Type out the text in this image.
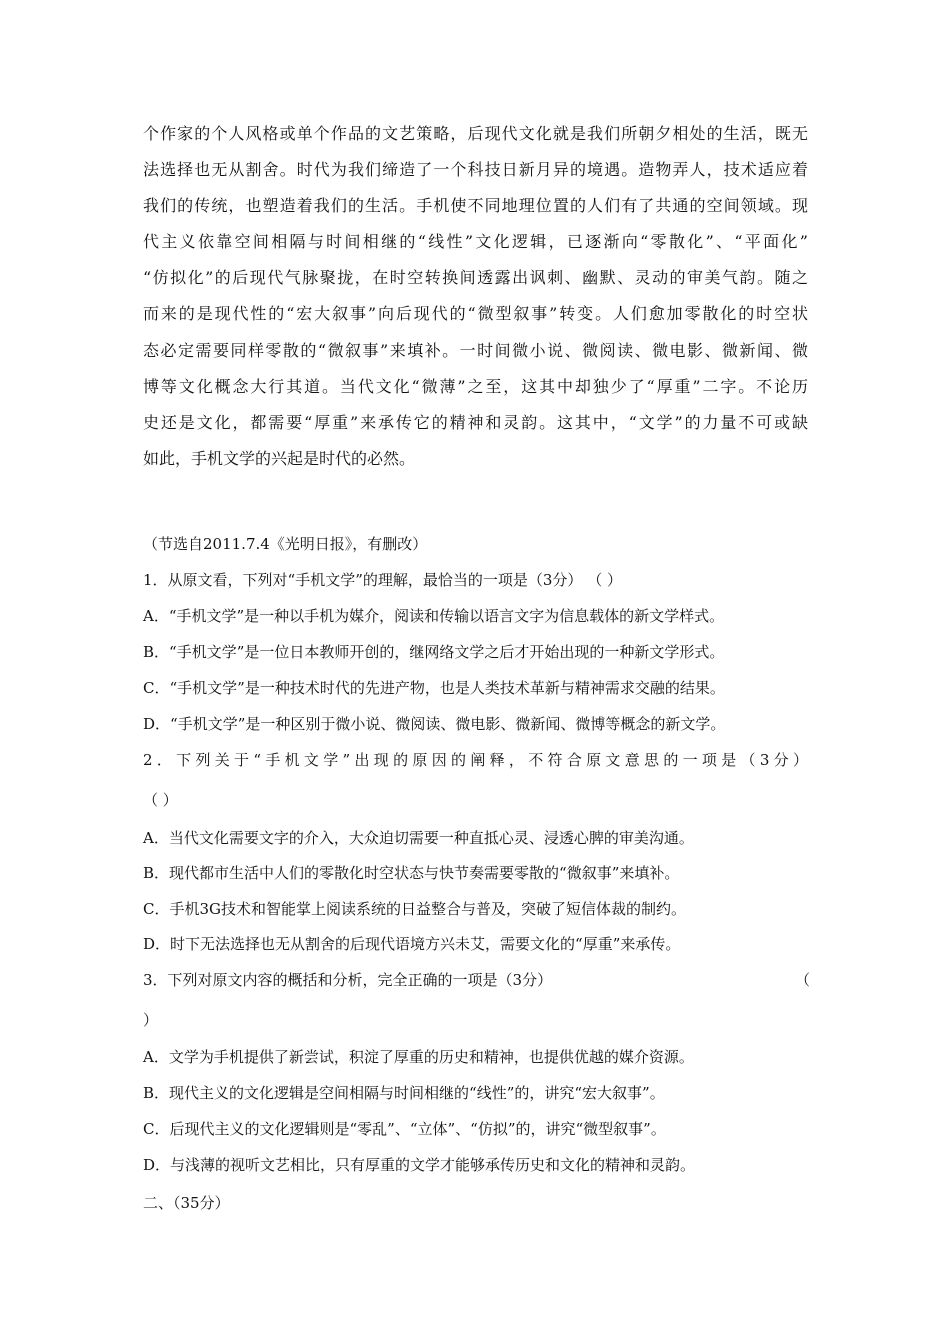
个作家的个人风格或单个作品的文艺策略，后现代文化就是我们所朝夕相处的生活，既无
法选择也无从割舍。时代为我们缔造了一个科技日新月异的境遇。造物弄人，技术适应着
我们的传统，也塑造着我们的生活。手机使不同地理位置的人们有了共通的空间领域。现
代主义依靠空间相隔与时间相继的“线性”文化逻辑，已逐渐向“零散化”、“平面化”
“仿拟化”的后现代气脉聚拢，在时空转换间透露出讽刺、幽默、灵动的审美气韵。随之
而来的是现代性的“宏大叙事”向后现代的“微型叙事”转变。人们愈加零散化的时空状
态必定需要同样零散的“微叙事”来填补。一时间微小说、微阅读、微电影、微新闻、微
博等文化概念大行其道。当代文化“微薄”之至，这其中却独少了“厚重”二字。不论历
史还是文化，都需要“厚重”来承传它的精神和灵韵。这其中，“文学”的力量不可或缺
如此，手机文学的兴起是时代的必然。
（节选自2011.7.4《光明日报》，有删改）
1．从原文看，下列对“手机文学”的理解，最恰当的一项是（3分） （ ）
A．“手机文学”是一种以手机为媒介，阅读和传输以语言文字为信息载体的新文学样式。
B．“手机文学”是一位日本教师开创的，继网络文学之后才开始出现的一种新文学形式。
C．“手机文学”是一种技术时代的先进产物，也是人类技术革新与精神需求交融的结果。
D．“手机文学”是一种区别于微小说、微阅读、微电影、微新闻、微博等概念的新文学。
2．下列关于“手机文学”出现的原因的阐释，不符合原文意思的一项是（3分）
（ ）
A．当代文化需要文字的介入，大众迫切需要一种直抵心灵、浸透心脾的审美沟通。
B．现代都市生活中人们的零散化时空状态与快节奏需要零散的“微叙事”来填补。
C．手机3G技术和智能掌上阅读系统的日益整合与普及，突破了短信体裁的制约。
D．时下无法选择也无从割舍的后现代语境方兴未艾，需要文化的“厚重”来承传。
3．下列对原文内容的概括和分析，完全正确的一项是（3分）	（
）
A．文学为手机提供了新尝试，积淀了厚重的历史和精神，也提供优越的媒介资源。
B．现代主义的文化逻辑是空间相隔与时间相继的“线性”的，讲究“宏大叙事”。
C．后现代主义的文化逻辑则是“零乱”、“立体”、“仿拟”的，讲究“微型叙事”。
D．与浅薄的视听文艺相比，只有厚重的文学才能够承传历史和文化的精神和灵韵。
二、（35分）
